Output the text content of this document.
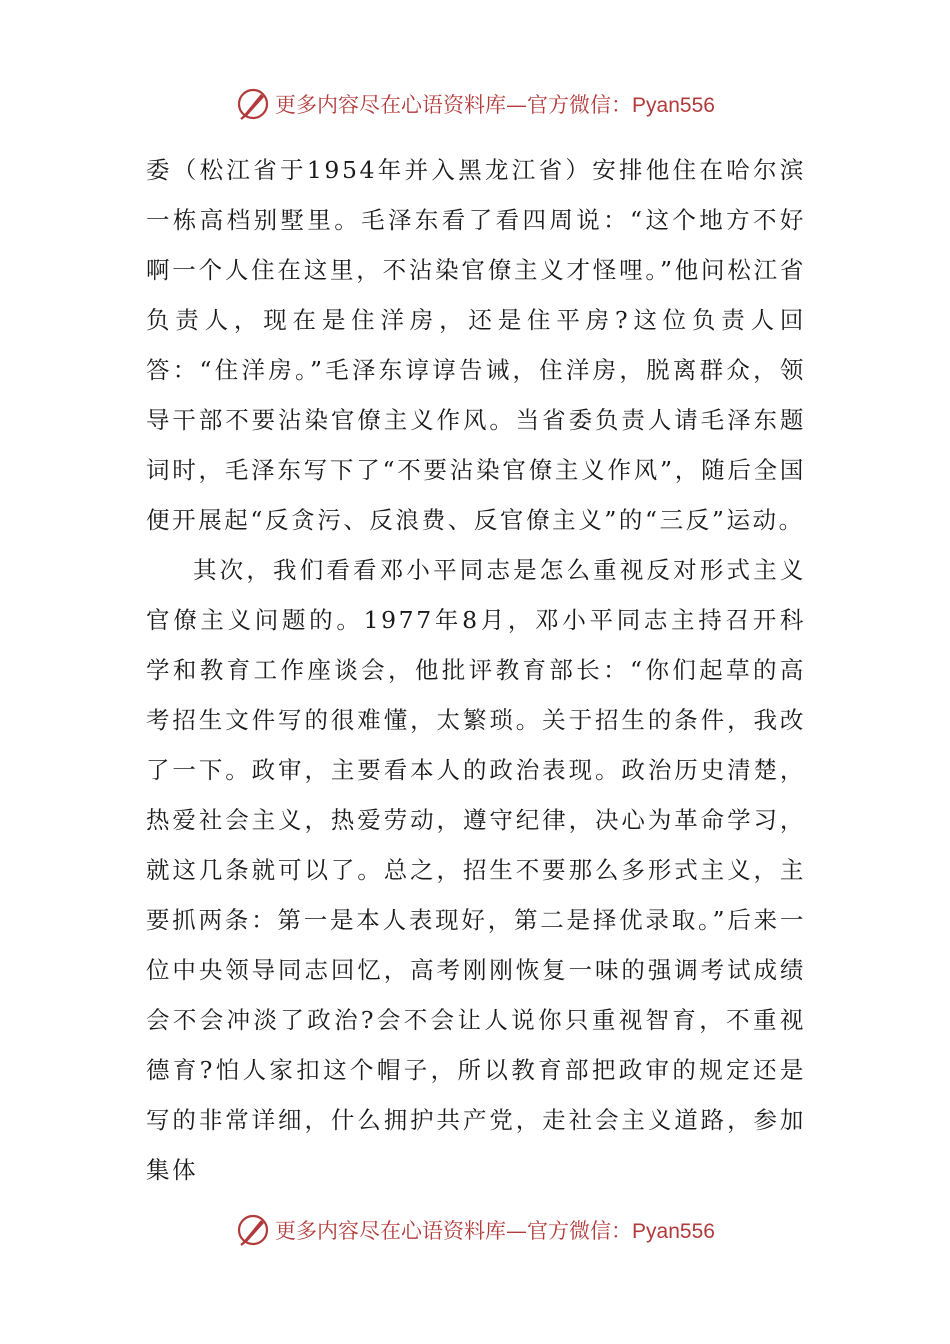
更多内容尽在心语资料库—官方微信：Pyan556

委（松江省于1954年并入黑龙江省）安排他住在哈尔滨一栋高档别墅里。毛泽东看了看四周说：“这个地方不好啊一个人住在这里，不沾染官僚主义才怪哩。”他问松江省负责人，现在是住洋房，还是住平房?这位负责人回答：“住洋房。”毛泽东谆谆告诫，住洋房，脱离群众，领导干部不要沾染官僚主义作风。当省委负责人请毛泽东题词时，毛泽东写下了“不要沾染官僚主义作风”，随后全国便开展起“反贪污、反浪费、反官僚主义”的“三反”运动。

其次，我们看看邓小平同志是怎么重视反对形式主义官僚主义问题的。1977年8月，邓小平同志主持召开科学和教育工作座谈会，他批评教育部长：“你们起草的高考招生文件写的很难懂，太繁琐。关于招生的条件，我改了一下。政审，主要看本人的政治表现。政治历史清楚，热爱社会主义，热爱劳动，遵守纪律，决心为革命学习，就这几条就可以了。总之，招生不要那么多形式主义，主要抓两条：第一是本人表现好，第二是择优录取。”后来一位中央领导同志回忆，高考刚刚恢复一味的强调考试成绩会不会冲淡了政治?会不会让人说你只重视智育，不重视德育?怕人家扣这个帽子，所以教育部把政审的规定还是写的非常详细，什么拥护共产党，走社会主义道路，参加集体

更多内容尽在心语资料库—官方微信：Pyan556
